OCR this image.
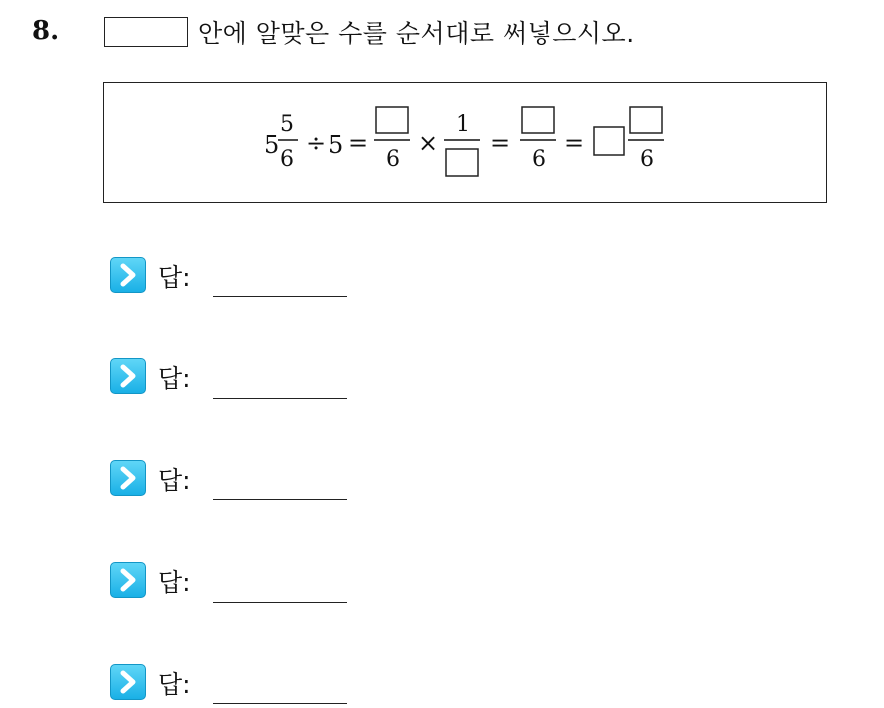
8.	안에 알맞은 수를 순서대로 써넣으시오.
5
5
6
÷ 5 =
6
×
1
=
6
=
6
답:
답:
답:
답:
답:
